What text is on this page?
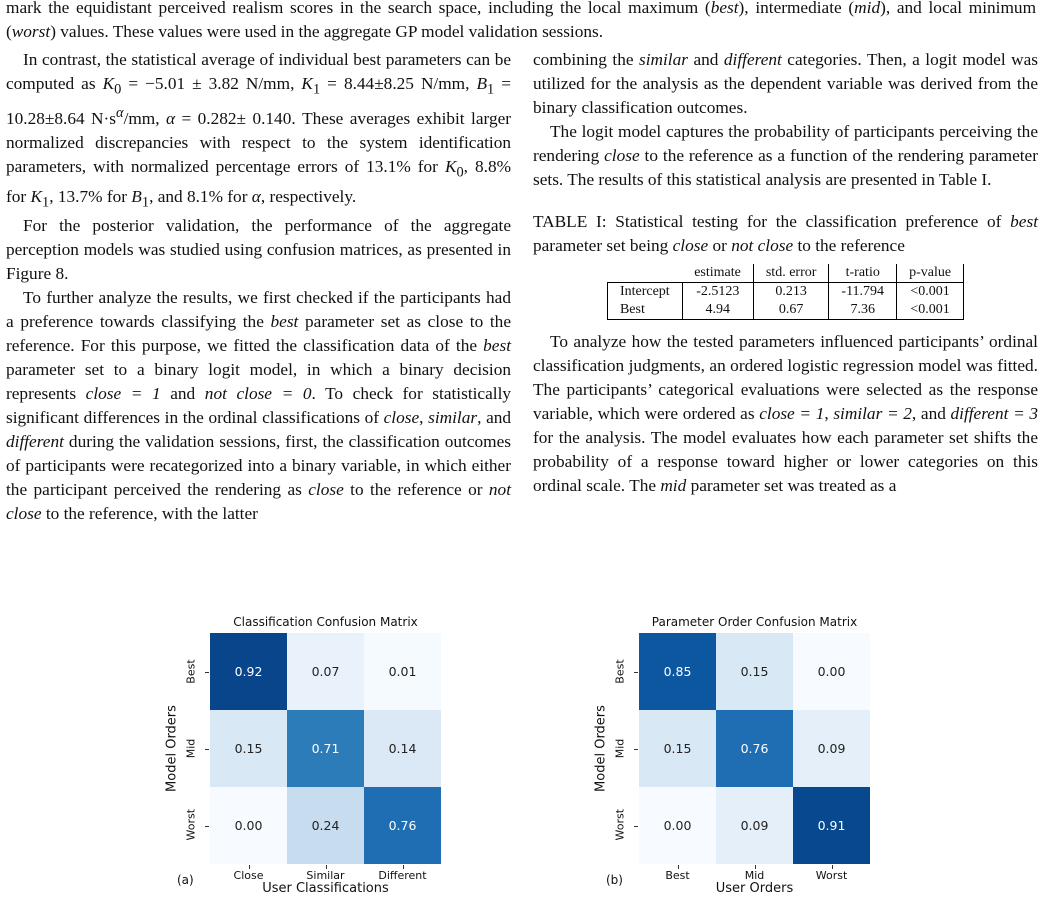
mark the equidistant perceived realism scores in the search space, including the local maximum (best), intermediate (mid), and local minimum (worst) values. These values were used in the aggregate GP model validation sessions.

In contrast, the statistical average of individual best parameters can be computed as $K_0 = -5.01 \pm 3.82$ N/mm, $K_1 = 8.44\pm 8.25$ N/mm, $B_1 = 10.28\pm 8.64$ $N\cdot s^\alpha/mm$, α = 0.282± 0.140. These averages exhibit larger normalized discrepancies with respect to the system identification parameters, with normalized percentage errors of 13.1% for $K_0$, 8.8% for $K_1$, 13.7% for $B_1$, and 8.1% for α, respectively.

For the posterior validation, the performance of the aggregate perception models was studied using confusion matrices, as presented in Figure 8.

To further analyze the results, we first checked if the participants had a preference towards classifying the best parameter set as close to the reference. For this purpose, we fitted the classification data of the best parameter set to a binary logit model, in which a binary decision represents close = 1 and not close = 0. To check for statistically significant differences in the ordinal classifications of close, similar, and different during the validation sessions, first, the classification outcomes of participants were recategorized into a binary variable, in which either the participant perceived the rendering as close to the reference or not close to the reference, with the latter

combining the similar and different categories. Then, a logit model was utilized for the analysis as the dependent variable was derived from the binary classification outcomes.

The logit model captures the probability of participants perceiving the rendering close to the reference as a function of the rendering parameter sets. The results of this statistical analysis are presented in Table I.

TABLE I: Statistical testing for the classification preference of best parameter set being close or not close to the reference

	estimate	std. error	t-ratio	p-value
Intercept	-2.5123	0.213	-11.794	<0.001
Best	4.94	0.67	7.36	<0.001

To analyze how the tested parameters influenced participants’ ordinal classification judgments, an ordered logistic regression model was fitted. The participants’ categorical evaluations were selected as the response variable, which were ordered as close = 1, similar = 2, and different = 3 for the analysis. The model evaluates how each parameter set shifts the probability of a response toward higher or lower categories on this ordinal scale. The mid parameter set was treated as a

Classification Confusion Matrix
0.92	0.07	0.01
0.15	0.71	0.14
0.00	0.24	0.76
Best
Mid
Worst
Model Orders
Close	Similar	Different
User Classifications
(a)
Parameter Order Confusion Matrix
0.85	0.15	0.00
0.15	0.76	0.09
0.00	0.09	0.91
Best
Mid
Worst
Model Orders
Best	Mid	Worst
User Orders
(b)
